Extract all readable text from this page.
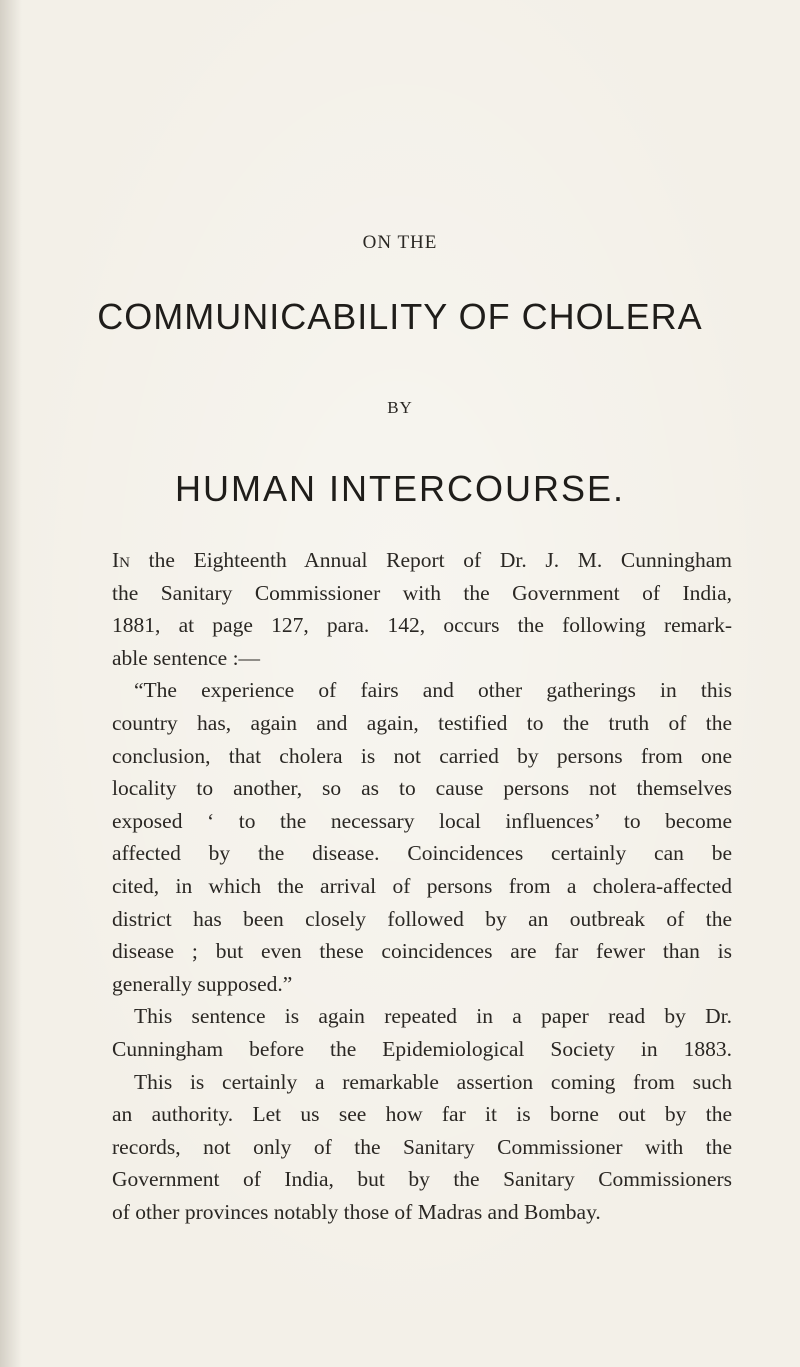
ON THE
COMMUNICABILITY OF CHOLERA
BY
HUMAN INTERCOURSE.
In the Eighteenth Annual Report of Dr. J. M. Cunningham
the Sanitary Commissioner with the Government of India,
1881, at page 127, para. 142, occurs the following remark-
able sentence :—
“The experience of fairs and other gatherings in this
country has, again and again, testified to the truth of the
conclusion, that cholera is not carried by persons from one
locality to another, so as to cause persons not themselves
exposed ‘ to the necessary local influences’ to become
affected by the disease. Coincidences certainly can be
cited, in which the arrival of persons from a cholera-affected
district has been closely followed by an outbreak of the
disease ; but even these coincidences are far fewer than is
generally supposed.”
This sentence is again repeated in a paper read by Dr.
Cunningham before the Epidemiological Society in 1883.
This is certainly a remarkable assertion coming from such
an authority. Let us see how far it is borne out by the
records, not only of the Sanitary Commissioner with the
Government of India, but by the Sanitary Commissioners
of other provinces notably those of Madras and Bombay.
